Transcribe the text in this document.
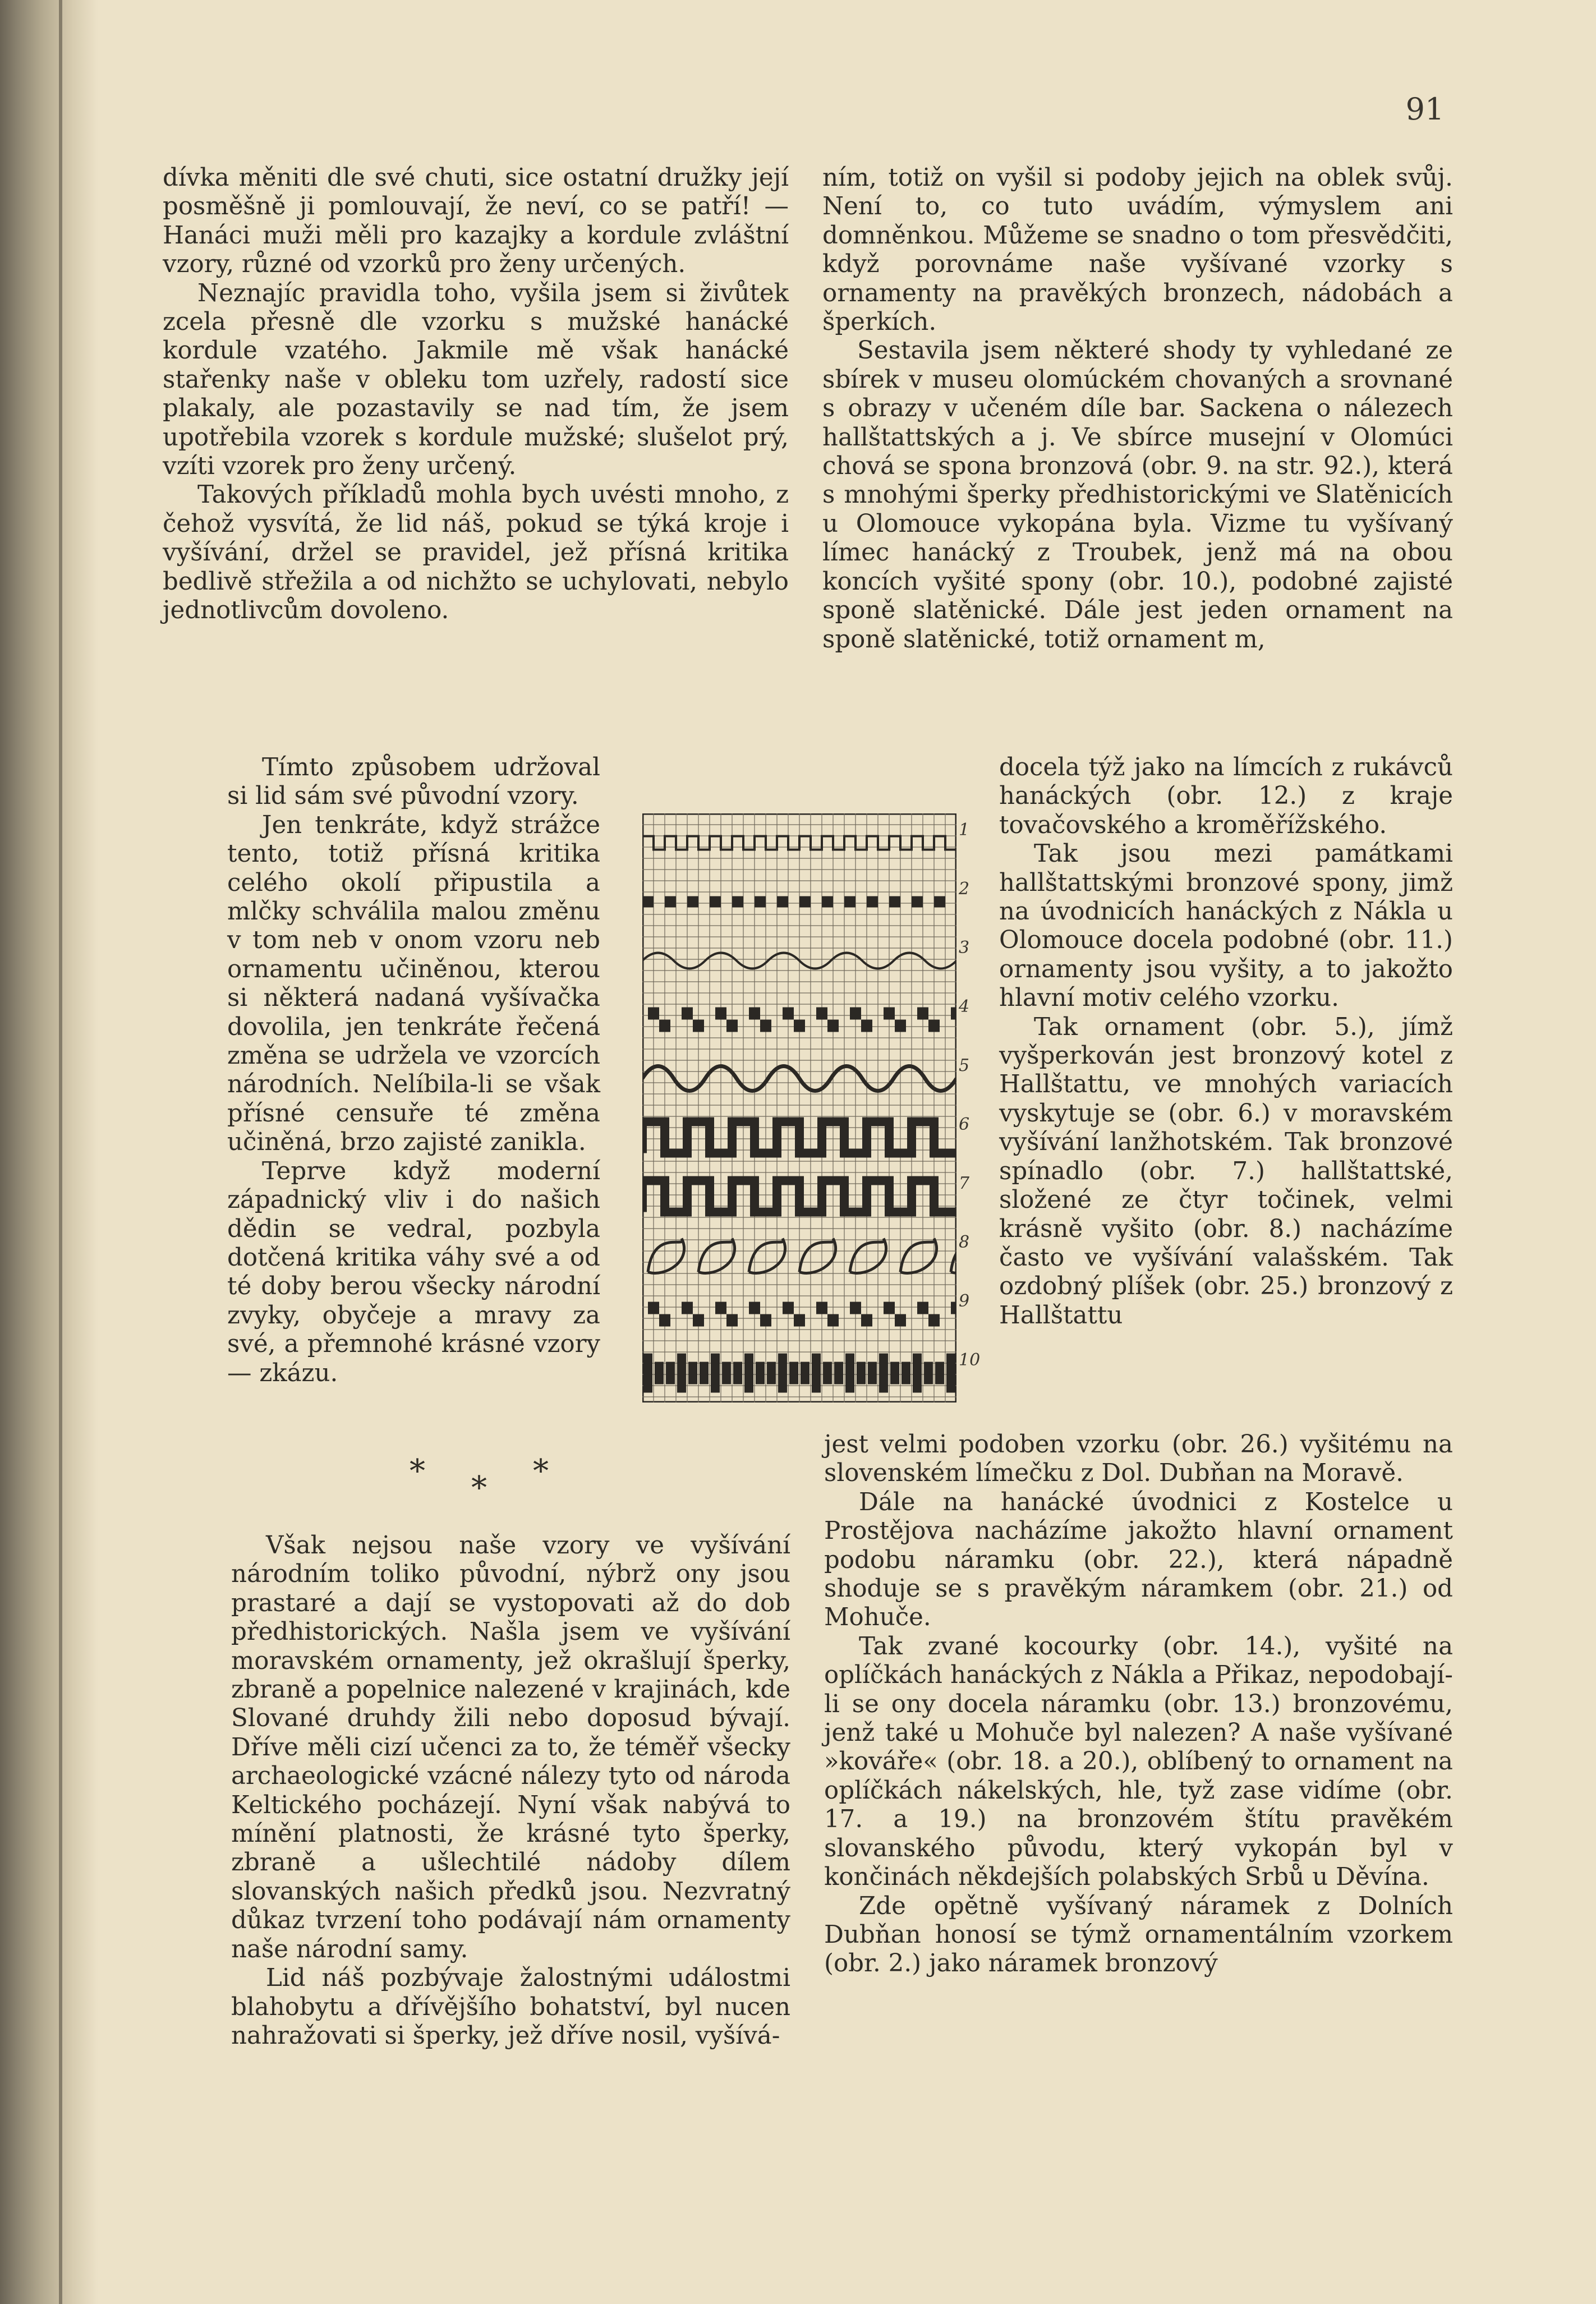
91

dívka měniti dle své chuti, sice ostatní družky její posměšně ji pomlouvají, že neví, co se patří! — Hanáci muži měli pro kazajky a kordule zvláštní vzory, různé od vzorků pro ženy určených.

Neznajíc pravidla toho, vyšila jsem si živůtek zcela přesně dle vzorku s mužské hanácké kordule vzatého. Jakmile mě však hanácké stařenky naše v obleku tom uzřely, radostí sice plakaly, ale pozastavily se nad tím, že jsem upotřebila vzorek s kordule mužské; slušelot prý, vzíti vzorek pro ženy určený.

Takových příkladů mohla bych uvésti mnoho, z čehož vysvítá, že lid náš, pokud se týká kroje i vyšívání, držel se pravidel, jež přísná kritika bedlivě střežila a od nichžto se uchylovati, nebylo jednotlivcům dovoleno.

Tímto způsobem udržoval si lid sám své původní vzory.

Jen tenkráte, když strážce tento, totiž přísná kritika celého okolí připustila a mlčky schválila malou změnu v tom neb v onom vzoru neb ornamentu učiněnou, kterou si některá nadaná vyšívačka dovolila, jen tenkráte řečená změna se udržela ve vzorcích národních. Nelíbila-li se však přísné censuře té změna učiněná, brzo zajisté zanikla.

Teprve když moderní západnický vliv i do našich dědin se vedral, pozbyla dotčená kritika váhy své a od té doby berou všecky národní zvyky, obyčeje a mravy za své, a přemnohé krásné vzory — zkázu.

* * *

Však nejsou naše vzory ve vyšívání národním toliko původní, nýbrž ony jsou prastaré a dají se vystopovati až do dob předhistorických. Našla jsem ve vyšívání moravském ornamenty, jež okrašlují šperky, zbraně a popelnice nalezené v krajinách, kde Slované druhdy žili nebo doposud bývají. Dříve měli cizí učenci za to, že téměř všecky archaeologické vzácné nálezy tyto od národa Keltického pocházejí. Nyní však nabývá to mínění platnosti, že krásné tyto šperky, zbraně a ušlechtilé nádoby dílem slovanských našich předků jsou. Nezvratný důkaz tvrzení toho podávají nám ornamenty naše národní samy.

Lid náš pozbývaje žalostnými událostmi blahobytu a dřívějšího bohatství, byl nucen nahražovati si šperky, jež dříve nosil, vyšívá-

ním, totiž on vyšil si podoby jejich na oblek svůj. Není to, co tuto uvádím, výmyslem ani domněnkou. Můžeme se snadno o tom přesvědčiti, když porovnáme naše vyšívané vzorky s ornamenty na pravěkých bronzech, nádobách a šperkích.

Sestavila jsem některé shody ty vyhledané ze sbírek v museu olomúckém chovaných a srovnané s obrazy v učeném díle bar. Sackena o nálezech hallštattských a j. Ve sbírce musejní v Olomúci chová se spona bronzová (obr. 9. na str. 92.), která s mnohými šperky předhistorickými ve Slatěnicích u Olomouce vykopána byla. Vizme tu vyšívaný límec hanácký z Troubek, jenž má na obou koncích vyšité spony (obr. 10.), podobné zajisté sponě slatěnické. Dále jest jeden ornament na sponě slatěnické, totiž ornament m,

docela týž jako na límcích z rukávců hanáckých (obr. 12.) z kraje tovačovského a kroměřížského.

Tak jsou mezi památkami hallštattskými bronzové spony, jimž na úvodnicích hanáckých z Nákla u Olomouce docela podobné (obr. 11.) ornamenty jsou vyšity, a to jakožto hlavní motiv celého vzorku.

Tak ornament (obr. 5.), jímž vyšperkován jest bronzový kotel z Hallštattu, ve mnohých variacích vyskytuje se (obr. 6.) v moravském vyšívání lanžhotském. Tak bronzové spínadlo (obr. 7.) hallštattské, složené ze čtyr točinek, velmi krásně vyšito (obr. 8.) nacházíme často ve vyšívání valašském. Tak ozdobný plíšek (obr. 25.) bronzový z Hallštattu

jest velmi podoben vzorku (obr. 26.) vyšitému na slovenském límečku z Dol. Dubňan na Moravě.

Dále na hanácké úvodnici z Kostelce u Prostějova nacházíme jakožto hlavní ornament podobu náramku (obr. 22.), která nápadně shoduje se s pravěkým náramkem (obr. 21.) od Mohuče.

Tak zvané kocourky (obr. 14.), vyšité na oplíčkách hanáckých z Nákla a Přikaz, nepodobají-li se ony docela náramku (obr. 13.) bronzovému, jenž také u Mohuče byl nalezen? A naše vyšívané »kováře« (obr. 18. a 20.), oblíbený to ornament na oplíčkách nákelských, hle, tyž zase vidíme (obr. 17. a 19.) na bronzovém štítu pravěkém slovanského původu, který vykopán byl v končinách někdejších polabských Srbů u Děvína.

Zde opětně vyšívaný náramek z Dolních Dubňan honosí se týmž ornamentálním vzorkem (obr. 2.) jako náramek bronzový

1
2
3
4
5
6
7
8
9
10
